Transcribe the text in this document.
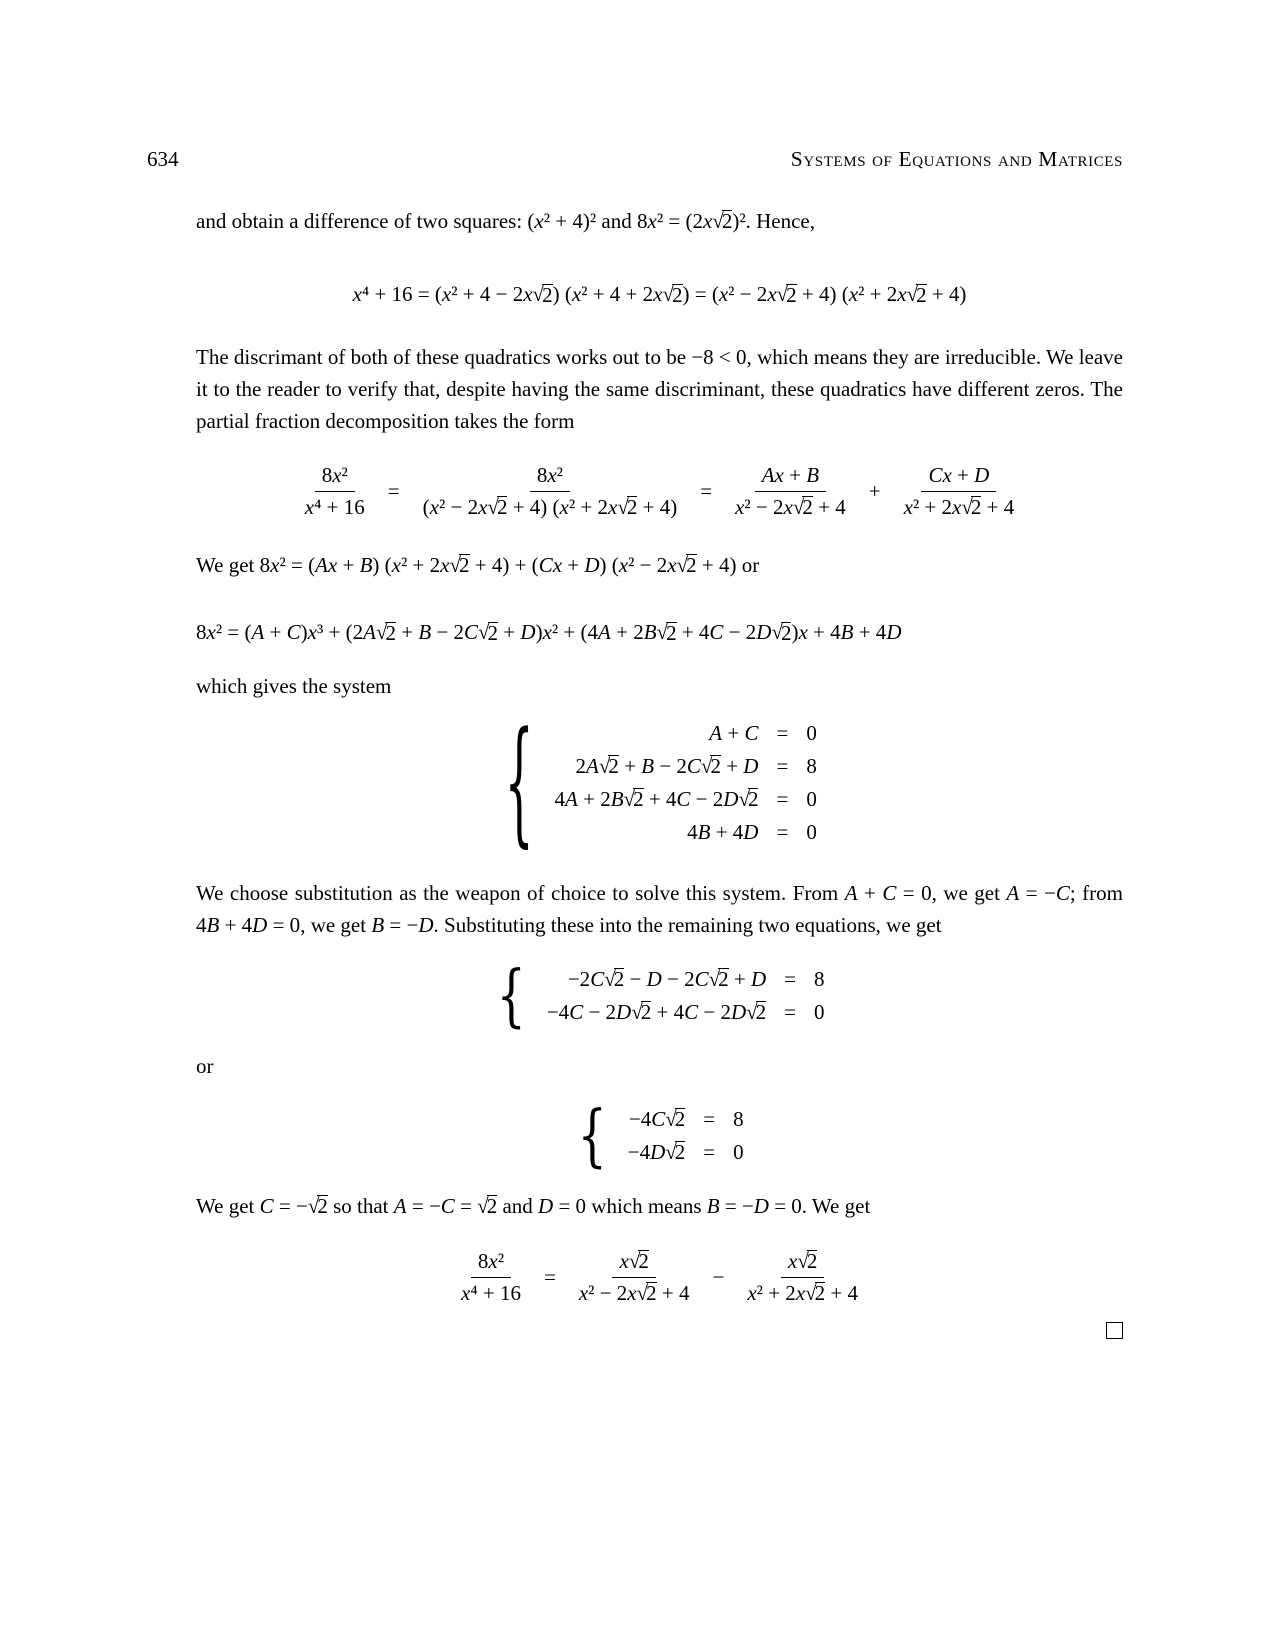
634	Systems of Equations and Matrices

and obtain a difference of two squares: (x² + 4)² and 8x² = (2x√2)². Hence,

x ⁴ + 16 = ( x ² + 4 − 2 x √ 2 ) ( x ² + 4 + 2 x √ 2 ) = ( x ² − 2 x √ 2 + 4) ( x ² + 2 x √ 2 + 4)

The discrimant of both of these quadratics works out to be −8 < 0, which means they are irreducible. We leave it to the reader to verify that, despite having the same discriminant, these quadratics have different zeros. The partial fraction decomposition takes the form

$\frac{\text{8x²}}{\text{x⁴ + 16}} = \frac{\text{8x²}}{\text{(x² − 2x√2 + 4) (x² + 2x√2 + 4)}} = \frac{Ax + B}{\text{x² − 2x√2 + 4}} + \frac{Cx + D}{\text{x² + 2x√2 + 4}}$

We get 8x² = (Ax + B) (x² + 2x√2 + 4) + (Cx + D) (x² − 2x√2 + 4) or

8 x ² = ( A + C ) x ³ + (2 A √ 2 + B − 2 C √ 2 + D ) x ² + (4 A + 2 B √ 2 + 4 C − 2 D √ 2 ) x + 4 B + 4 D

which gives the system

{	A + C = 0
2A√2 + B − 2C√2 + D = 8
4A + 2B√2 + 4C − 2D√2 = 0
4B + 4D = 0

We choose substitution as the weapon of choice to solve this system. From A + C = 0, we get A = −C; from 4B + 4D = 0, we get B = −D. Substituting these into the remaining two equations, we get

{	−2C√2 − D − 2C√2 + D = 8
−4C − 2D√2 + 4C − 2D√2 = 0

or

{ −4C√2 = 8
−4D√2 = 0

We get C = −√2 so that A = −C = √2 and D = 0 which means B = −D = 0. We get

$\frac{\text{8x²}}{\text{x⁴ + 16}} = \frac{x√2}{\text{x² − 2x√2 + 4}} - \frac{x√2}{\text{x² + 2x√2 + 4}}$
